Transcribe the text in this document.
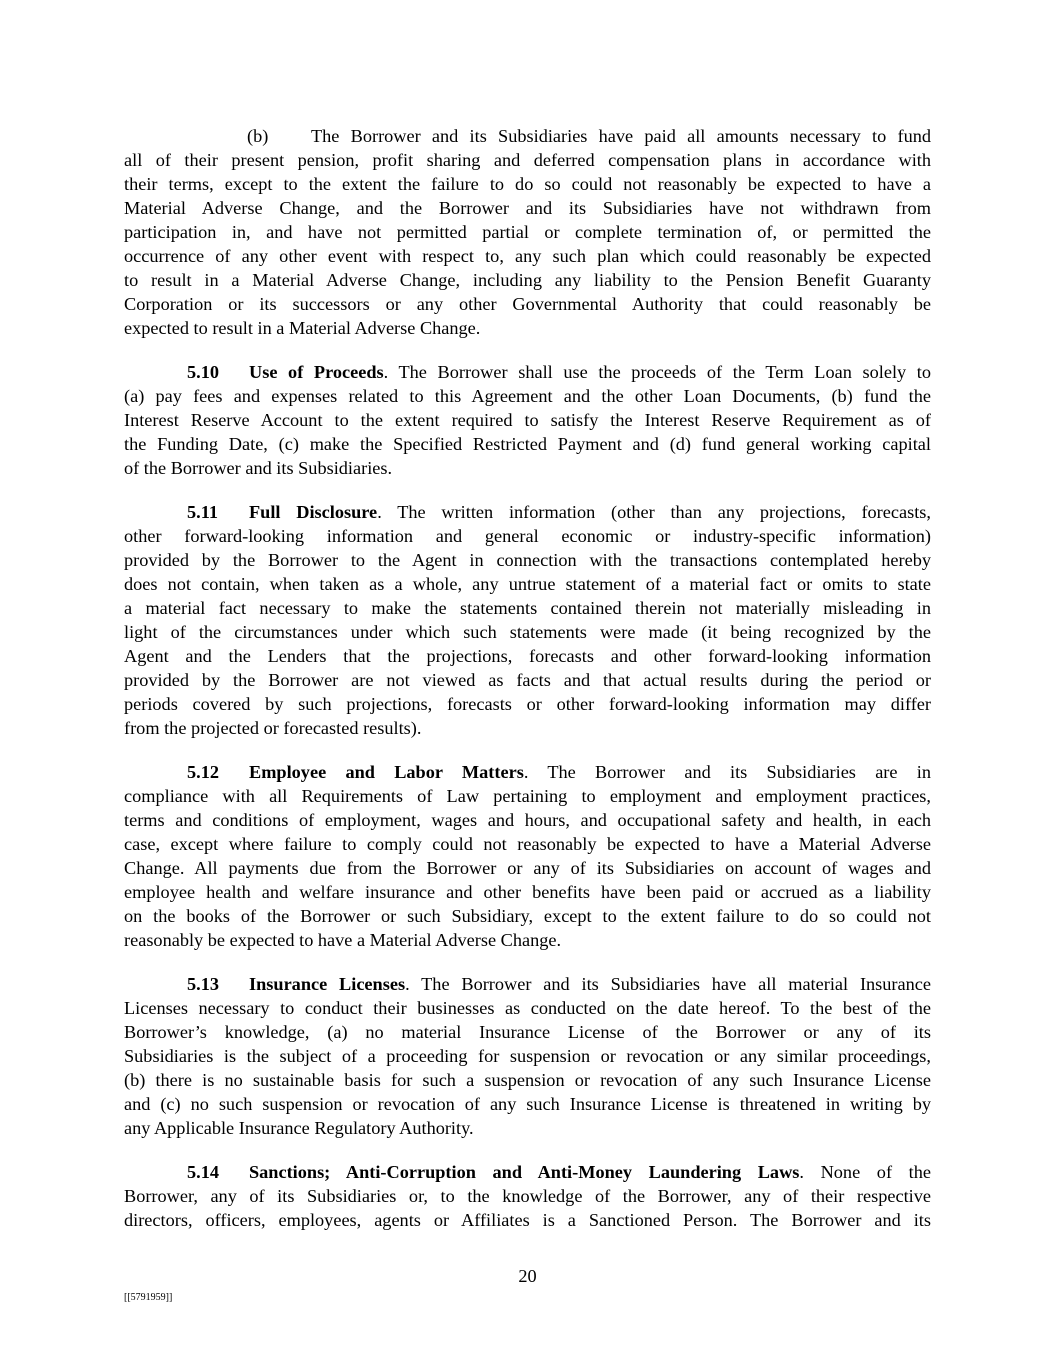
(b) The Borrower and its Subsidiaries have paid all amounts necessary to fund
all of their present pension, profit sharing and deferred compensation plans in accordance with
their terms, except to the extent the failure to do so could not reasonably be expected to have a
Material Adverse Change, and the Borrower and its Subsidiaries have not withdrawn from
participation in, and have not permitted partial or complete termination of, or permitted the
occurrence of any other event with respect to, any such plan which could reasonably be expected
to result in a Material Adverse Change, including any liability to the Pension Benefit Guaranty
Corporation or its successors or any other Governmental Authority that could reasonably be
expected to result in a Material Adverse Change.
5.10 Use of Proceeds. The Borrower shall use the proceeds of the Term Loan solely to
(a) pay fees and expenses related to this Agreement and the other Loan Documents, (b) fund the
Interest Reserve Account to the extent required to satisfy the Interest Reserve Requirement as of
the Funding Date, (c) make the Specified Restricted Payment and (d) fund general working capital
of the Borrower and its Subsidiaries.
5.11 Full Disclosure. The written information (other than any projections, forecasts,
other forward-looking information and general economic or industry-specific information)
provided by the Borrower to the Agent in connection with the transactions contemplated hereby
does not contain, when taken as a whole, any untrue statement of a material fact or omits to state
a material fact necessary to make the statements contained therein not materially misleading in
light of the circumstances under which such statements were made (it being recognized by the
Agent and the Lenders that the projections, forecasts and other forward-looking information
provided by the Borrower are not viewed as facts and that actual results during the period or
periods covered by such projections, forecasts or other forward-looking information may differ
from the projected or forecasted results).
5.12 Employee and Labor Matters. The Borrower and its Subsidiaries are in
compliance with all Requirements of Law pertaining to employment and employment practices,
terms and conditions of employment, wages and hours, and occupational safety and health, in each
case, except where failure to comply could not reasonably be expected to have a Material Adverse
Change. All payments due from the Borrower or any of its Subsidiaries on account of wages and
employee health and welfare insurance and other benefits have been paid or accrued as a liability
on the books of the Borrower or such Subsidiary, except to the extent failure to do so could not
reasonably be expected to have a Material Adverse Change.
5.13 Insurance Licenses. The Borrower and its Subsidiaries have all material Insurance
Licenses necessary to conduct their businesses as conducted on the date hereof. To the best of the
Borrower’s knowledge, (a) no material Insurance License of the Borrower or any of its
Subsidiaries is the subject of a proceeding for suspension or revocation or any similar proceedings,
(b) there is no sustainable basis for such a suspension or revocation of any such Insurance License
and (c) no such suspension or revocation of any such Insurance License is threatened in writing by
any Applicable Insurance Regulatory Authority.
5.14 Sanctions; Anti-Corruption and Anti-Money Laundering Laws. None of the
Borrower, any of its Subsidiaries or, to the knowledge of the Borrower, any of their respective
directors, officers, employees, agents or Affiliates is a Sanctioned Person. The Borrower and its
20
[[5791959]]
